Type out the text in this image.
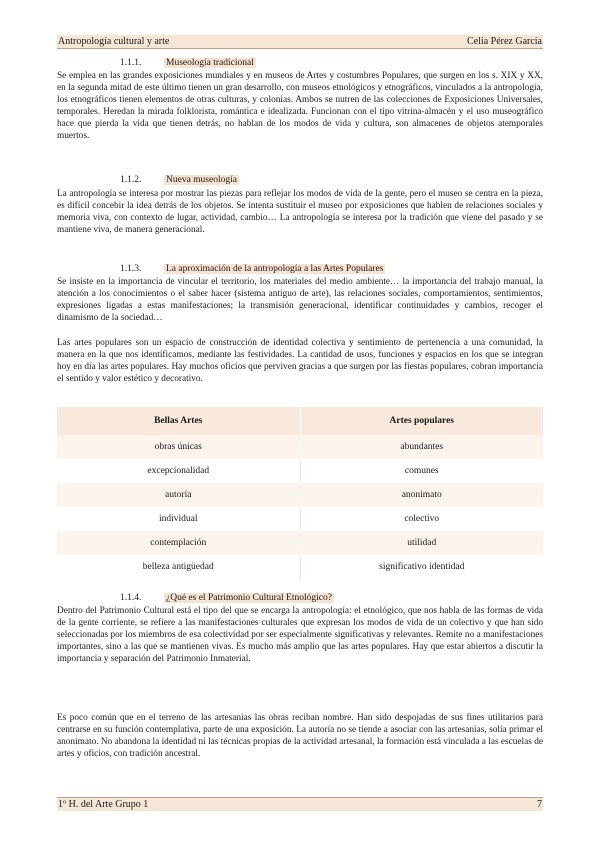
Antropología cultural y arte	Celia Pérez García
1.1.1.	Museología tradicional

Se emplea en las grandes exposiciones mundiales y en museos de Artes y costumbres Populares, que surgen en los s. XIX y XX, en la segunda mitad de este último tienen un gran desarrollo, con museos etnológicos y etnográficos, vinculados a la antropología, los etnográficos tienen elementos de otras culturas, y colonias. Ambos se nutren de las colecciones de Exposiciones Universales, temporales. Heredan la mirada folklorista, romántica e idealizada. Funcionan con el tipo vitrina-almacén y el uso museográfico hace que pierda la vida que tienen detrás, no hablan de los modos de vida y cultura, son almacenes de objetos atemporales muertos.

1.1.2.	Nueva museología

La antropología se interesa por mostrar las piezas para reflejar los modos de vida de la gente, pero el museo se centra en la pieza, es difícil concebir la idea detrás de los objetos. Se intenta sustituir el museo por exposiciones que hablen de relaciones sociales y memoria viva, con contexto de lugar, actividad, cambio… La antropología se interesa por la tradición que viene del pasado y se mantiene viva, de manera generacional.

1.1.3.	La aproximación de la antropología a las Artes Populares

Se insiste en la importancia de vincular el territorio, los materiales del medio ambiente… la importancia del trabajo manual, la atención a los conocimientos o el saber hacer (sistema antiguo de arte), las relaciones sociales, comportamientos, sentimientos, expresiones ligadas a estas manifestaciones; la transmisión generacional, identificar continuidades y cambios, recoger el dinamismo de la sociedad…

Las artes populares son un espacio de construcción de identidad colectiva y sentimiento de pertenencia a una comunidad, la manera en la que nos identificamos, mediante las festividades. La cantidad de usos, funciones y espacios en los que se integran hoy en día las artes populares. Hay muchos oficios que perviven gracias a que surgen por las fiestas populares, cobran importancia el sentido y valor estético y decorativo.

Bellas Artes	Artes populares
obras únicas	abundantes
excepcionalidad	comunes
autoría	anonimato
individual	colectivo
contemplación	utilidad
belleza antigüedad	significativo identidad
1.1.4.	¿Qué es el Patrimonio Cultural Etnológico?

Dentro del Patrimonio Cultural está el tipo del que se encarga la antropología: el etnológico, que nos habla de las formas de vida de la gente corriente, se refiere a las manifestaciones culturales que expresan los modos de vida de un colectivo y que han sido seleccionadas por los miembros de esa colectividad por ser especialmente significativas y relevantes. Remite no a manifestaciones importantes, sino a las que se mantienen vivas. Es mucho más amplio que las artes populares. Hay que estar abiertos a discutir la importancia y separación del Patrimonio Inmaterial.

Es poco común que en el terreno de las artesanías las obras reciban nombre. Han sido despojadas de sus fines utilitarios para centrarse en su función contemplativa, parte de una exposición. La autoría no se tiende a asociar con las artesanías, solía primar el anonimato. No abandona la identidad ni las técnicas propias de la actividad artesanal, la formación está vinculada a las escuelas de artes y oficios, con tradición ancestral.

1º H. del Arte Grupo 1	7
